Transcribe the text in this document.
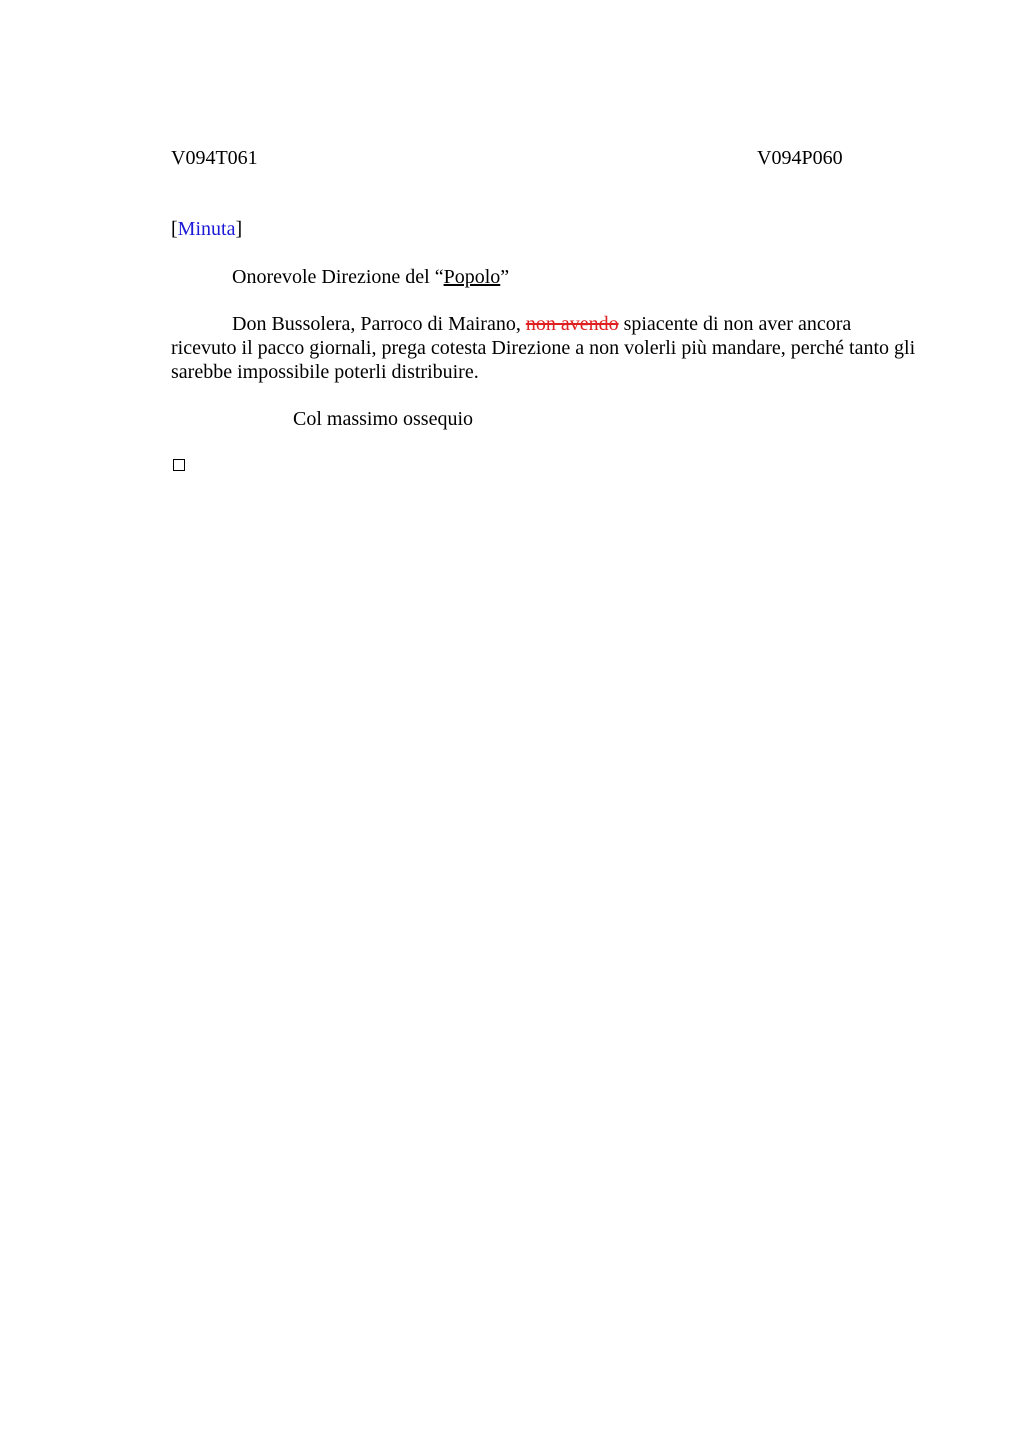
V094T061	V094P060
[Minuta]
Onorevole Direzione del “Popolo”
Don Bussolera, Parroco di Mairano, non avendo spiacente di non aver ancora ricevuto il pacco giornali, prega cotesta Direzione a non volerli più mandare, perché tanto gli sarebbe impossibile poterli distribuire.
Col massimo ossequio
